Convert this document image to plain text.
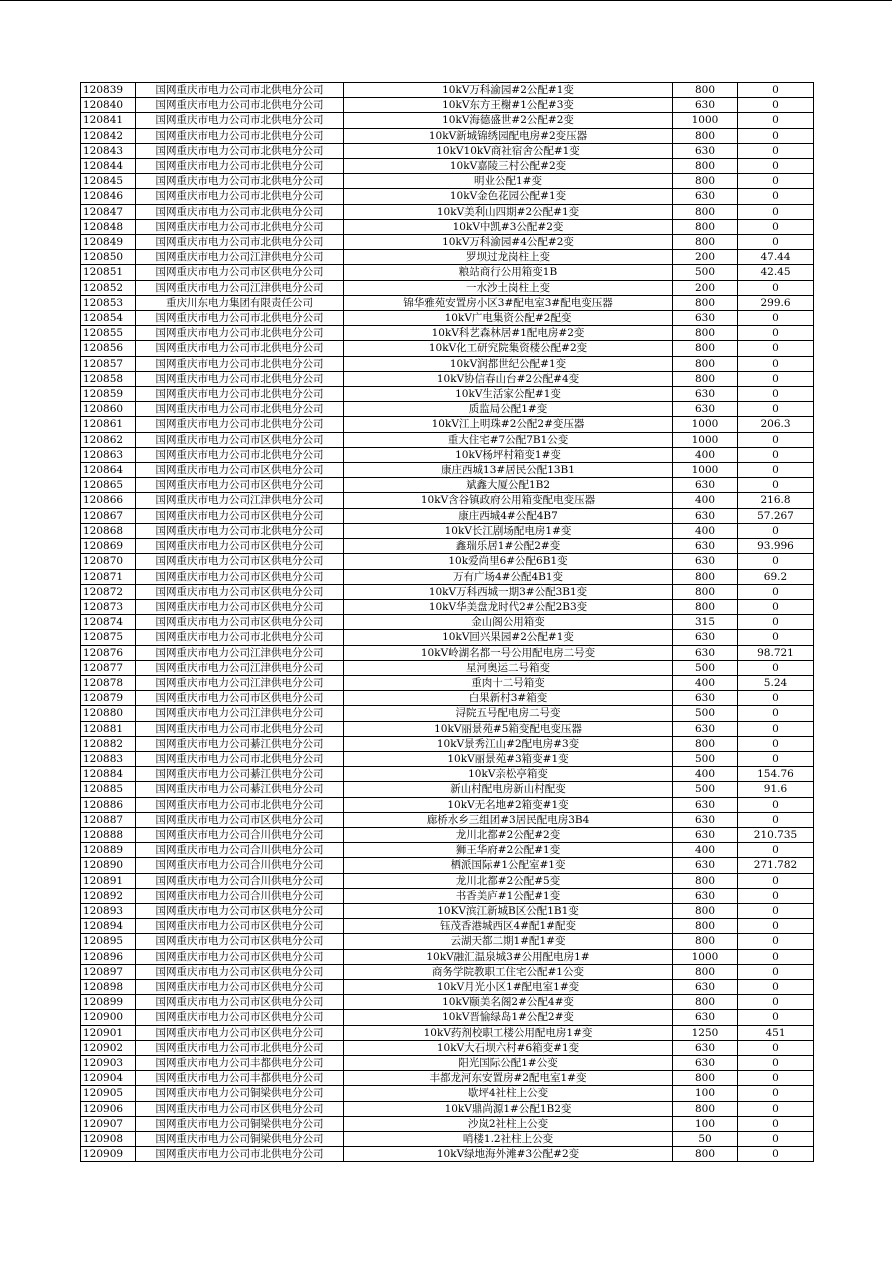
120839	国网重庆市电力公司市北供电分公司	10kV万科渝园#2公配#1变	800	0
120840	国网重庆市电力公司市北供电分公司	10kV东方王榭#1公配#3变	630	0
120841	国网重庆市电力公司市北供电分公司	10kV海德盛世#2公配#2变	1000	0
120842	国网重庆市电力公司市北供电分公司	10kV新城锦绣园配电房#2变压器	800	0
120843	国网重庆市电力公司市北供电分公司	10kV10kV商社宿舍公配#1变	630	0
120844	国网重庆市电力公司市北供电分公司	10kV嘉陵三村公配#2变	800	0
120845	国网重庆市电力公司市北供电分公司	明业公配1#变	800	0
120846	国网重庆市电力公司市北供电分公司	10kV金色花园公配#1变	630	0
120847	国网重庆市电力公司市北供电分公司	10kV美利山四期#2公配#1变	800	0
120848	国网重庆市电力公司市北供电分公司	10kV中凯#3公配#2变	800	0
120849	国网重庆市电力公司市北供电分公司	10kV万科渝园#4公配#2变	800	0
120850	国网重庆市电力公司江津供电分公司	罗坝过龙岗柱上变	200	47.44
120851	国网重庆市电力公司市区供电分公司	粮站商行公用箱变1B	500	42.45
120852	国网重庆市电力公司江津供电分公司	一水沙土岗柱上变	200	0
120853	重庆川东电力集团有限责任公司	锦华雅苑安置房小区3#配电室3#配电变压器	800	299.6
120854	国网重庆市电力公司市北供电分公司	10kV广电集资公配#2配变	630	0
120855	国网重庆市电力公司市北供电分公司	10kV科艺森林居#1配电房#2变	800	0
120856	国网重庆市电力公司市北供电分公司	10kV化工研究院集资楼公配#2变	800	0
120857	国网重庆市电力公司市北供电分公司	10kV润都世纪公配#1变	800	0
120858	国网重庆市电力公司市北供电分公司	10kV协信春山台#2公配#4变	800	0
120859	国网重庆市电力公司市北供电分公司	10kV生活家公配#1变	630	0
120860	国网重庆市电力公司市北供电分公司	质监局公配1#变	630	0
120861	国网重庆市电力公司市北供电分公司	10kV江上明珠#2公配2#变压器	1000	206.3
120862	国网重庆市电力公司市区供电分公司	重大住宅#7公配7B1公变	1000	0
120863	国网重庆市电力公司市北供电分公司	10kV杨坪村箱变1#变	400	0
120864	国网重庆市电力公司市区供电分公司	康庄西城13#居民公配13B1	1000	0
120865	国网重庆市电力公司市区供电分公司	斌鑫大厦公配1B2	630	0
120866	国网重庆市电力公司江津供电分公司	10kV含谷镇政府公用箱变配电变压器	400	216.8
120867	国网重庆市电力公司市区供电分公司	康庄西城4#公配4B7	630	57.267
120868	国网重庆市电力公司市北供电分公司	10kV长江剧场配电房1#变	400	0
120869	国网重庆市电力公司市区供电分公司	鑫瑞乐居1#公配2#变	630	93.996
120870	国网重庆市电力公司市区供电分公司	10k爱尚里6#公配6B1变	630	0
120871	国网重庆市电力公司市区供电分公司	万有广场4#公配4B1变	800	69.2
120872	国网重庆市电力公司市区供电分公司	10kV万科西城一期3#公配3B1变	800	0
120873	国网重庆市电力公司市区供电分公司	10kV华美盘龙时代2#公配2B3变	800	0
120874	国网重庆市电力公司市区供电分公司	金山阁公用箱变	315	0
120875	国网重庆市电力公司市北供电分公司	10kV回兴果园#2公配#1变	630	0
120876	国网重庆市电力公司江津供电分公司	10kV岭湖名都一号公用配电房二号变	630	98.721
120877	国网重庆市电力公司江津供电分公司	星河奥运二号箱变	500	0
120878	国网重庆市电力公司江津供电分公司	重肉十二号箱变	400	5.24
120879	国网重庆市电力公司市区供电分公司	白果新村3#箱变	630	0
120880	国网重庆市电力公司江津供电分公司	浔院五号配电房二号变	500	0
120881	国网重庆市电力公司市北供电分公司	10kV丽景苑#5箱变配电变压器	630	0
120882	国网重庆市电力公司綦江供电分公司	10kV景秀江山#2配电房#3变	800	0
120883	国网重庆市电力公司市北供电分公司	10kV丽景苑#3箱变#1变	500	0
120884	国网重庆市电力公司綦江供电分公司	10kV亲松亭箱变	400	154.76
120885	国网重庆市电力公司綦江供电分公司	新山村配电房新山村配变	500	91.6
120886	国网重庆市电力公司市北供电分公司	10kV无名地#2箱变#1变	630	0
120887	国网重庆市电力公司市区供电分公司	廊桥水乡三组团#3居民配电房3B4	630	0
120888	国网重庆市电力公司合川供电分公司	龙川北都#2公配#2变	630	210.735
120889	国网重庆市电力公司合川供电分公司	狮王华府#2公配#1变	400	0
120890	国网重庆市电力公司合川供电分公司	栖派国际#1公配室#1变	630	271.782
120891	国网重庆市电力公司合川供电分公司	龙川北都#2公配#5变	800	0
120892	国网重庆市电力公司合川供电分公司	书香美庐#1公配#1变	630	0
120893	国网重庆市电力公司市区供电分公司	10KV滨江新城B区公配1B1变	800	0
120894	国网重庆市电力公司市区供电分公司	钰茂香港城西区4#配1#配变	800	0
120895	国网重庆市电力公司市区供电分公司	云湖天都二期1#配1#变	800	0
120896	国网重庆市电力公司市区供电分公司	10kV融汇温泉城3#公用配电房1#	1000	0
120897	国网重庆市电力公司市区供电分公司	商务学院教职工住宅公配#1公变	800	0
120898	国网重庆市电力公司市区供电分公司	10kV月光小区1#配电室1#变	630	0
120899	国网重庆市电力公司市区供电分公司	10kV颐美名阁2#公配4#变	800	0
120900	国网重庆市电力公司市区供电分公司	10kV晋愉绿岛1#公配2#变	630	0
120901	国网重庆市电力公司市区供电分公司	10kV药剂校职工楼公用配电房1#变	1250	451
120902	国网重庆市电力公司市北供电分公司	10kV大石坝六村#6箱变#1变	630	0
120903	国网重庆市电力公司丰都供电分公司	阳光国际公配1#公变	630	0
120904	国网重庆市电力公司丰都供电分公司	丰都龙河东安置房#2配电室1#变	800	0
120905	国网重庆市电力公司铜梁供电分公司	歇坪4社柱上公变	100	0
120906	国网重庆市电力公司市区供电分公司	10kV鼎尚源1#公配1B2变	800	0
120907	国网重庆市电力公司铜梁供电分公司	沙岚2社柱上公变	100	0
120908	国网重庆市电力公司铜梁供电分公司	哨楼1.2社柱上公变	50	0
120909	国网重庆市电力公司市北供电分公司	10kV绿地海外滩#3公配#2变	800	0
